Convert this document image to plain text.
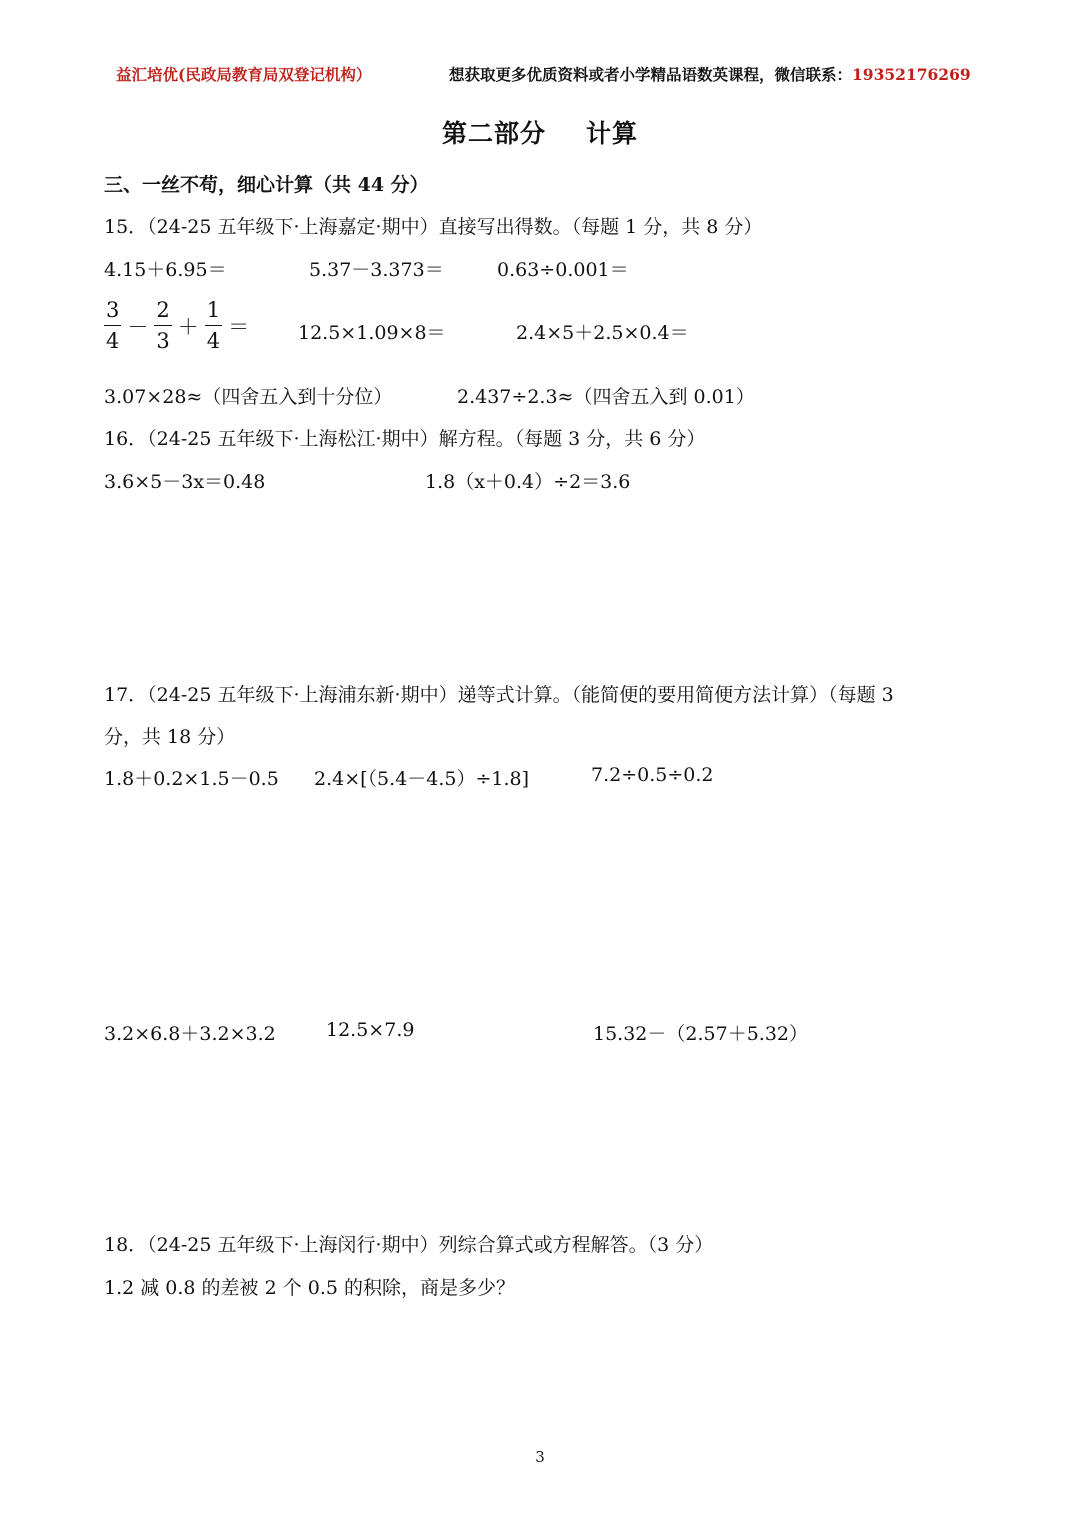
益汇培优(民政局教育局双登记机构）	想获取更多优质资料或者小学精品语数英课程，微信联系：19352176269
第二部分 计算
三、一丝不苟，细心计算（共 44 分）
15．（24-25 五年级下·上海嘉定·期中）直接写出得数。（每题 1 分，共 8 分）
4.15＋6.95＝	5.37－3.373＝	0.63÷0.001＝
$\frac{3}{4} - \frac{2}{3} + \frac{1}{4}$ ＝	12.5×1.09×8＝	2.4×5＋2.5×0.4＝
3.07×28≈（四舍五入到十分位）	2.437÷2.3≈（四舍五入到 0.01）
16．（24-25 五年级下·上海松江·期中）解方程。（每题 3 分，共 6 分）
3.6×5－3x＝0.48	1.8（x＋0.4）÷2＝3.6
17．（24-25 五年级下·上海浦东新·期中）递等式计算。（能简便的要用简便方法计算）（每题 3
分，共 18 分）
1.8＋0.2×1.5－0.5 2.4×[（5.4－4.5）÷1.8]	7.2÷0.5÷0.2
3.2×6.8＋3.2×3.2	12.5×7.9	15.32－（2.57＋5.32）
18．（24-25 五年级下·上海闵行·期中）列综合算式或方程解答。（3 分）
1.2 减 0.8 的差被 2 个 0.5 的积除，商是多少？
3
